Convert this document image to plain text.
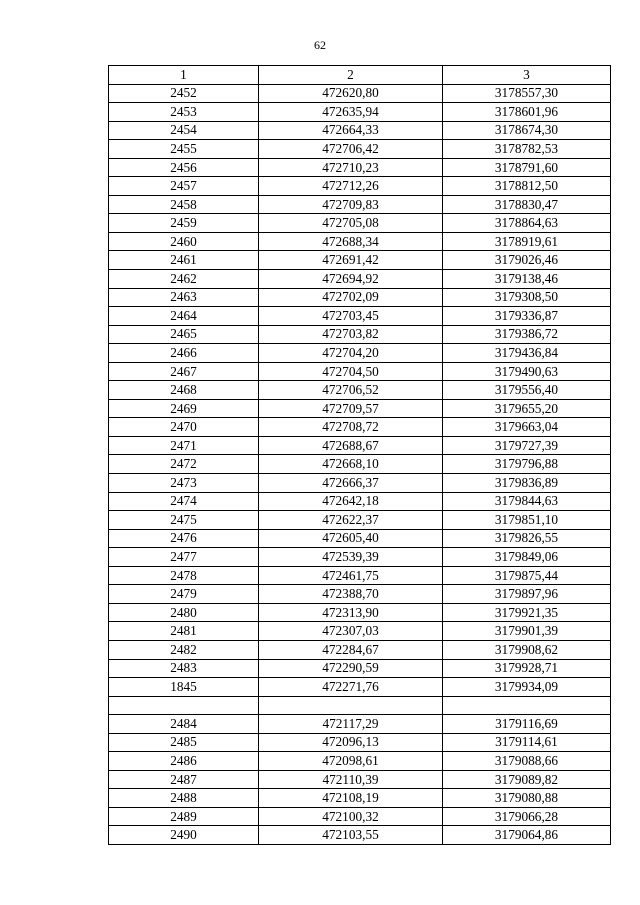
62
1	2	3
2452	472620,80	3178557,30
2453	472635,94	3178601,96
2454	472664,33	3178674,30
2455	472706,42	3178782,53
2456	472710,23	3178791,60
2457	472712,26	3178812,50
2458	472709,83	3178830,47
2459	472705,08	3178864,63
2460	472688,34	3178919,61
2461	472691,42	3179026,46
2462	472694,92	3179138,46
2463	472702,09	3179308,50
2464	472703,45	3179336,87
2465	472703,82	3179386,72
2466	472704,20	3179436,84
2467	472704,50	3179490,63
2468	472706,52	3179556,40
2469	472709,57	3179655,20
2470	472708,72	3179663,04
2471	472688,67	3179727,39
2472	472668,10	3179796,88
2473	472666,37	3179836,89
2474	472642,18	3179844,63
2475	472622,37	3179851,10
2476	472605,40	3179826,55
2477	472539,39	3179849,06
2478	472461,75	3179875,44
2479	472388,70	3179897,96
2480	472313,90	3179921,35
2481	472307,03	3179901,39
2482	472284,67	3179908,62
2483	472290,59	3179928,71
1845	472271,76	3179934,09

2484	472117,29	3179116,69
2485	472096,13	3179114,61
2486	472098,61	3179088,66
2487	472110,39	3179089,82
2488	472108,19	3179080,88
2489	472100,32	3179066,28
2490	472103,55	3179064,86
